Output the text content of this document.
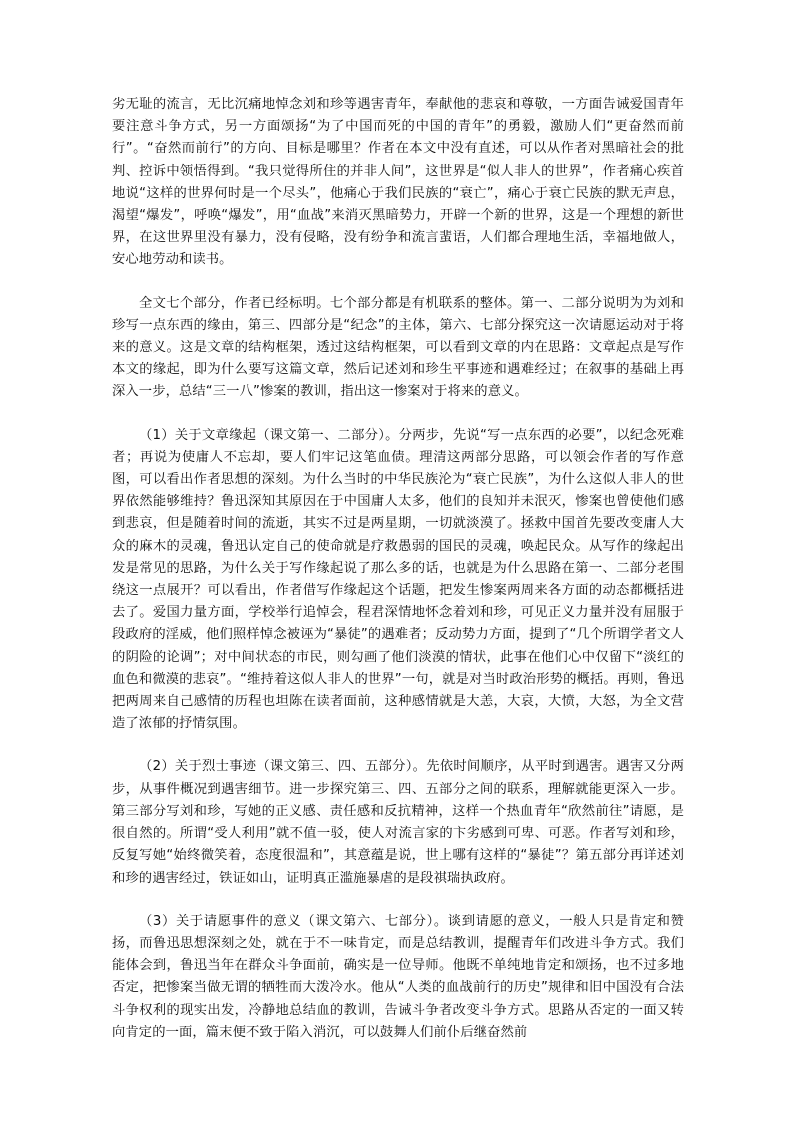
劣无耻的流言，无比沉痛地悼念刘和珍等遇害青年，奉献他的悲哀和尊敬，一方面告诫爱国青年要注意斗争方式，另一方面颂扬“为了中国而死的中国的青年”的勇毅，激励人们“更奋然而前行”。“奋然而前行”的方向、目标是哪里？作者在本文中没有直述，可以从作者对黑暗社会的批判、控诉中领悟得到。“我只觉得所住的并非人间”，这世界是“似人非人的世界”，作者痛心疾首地说“这样的世界何时是一个尽头”，他痛心于我们民族的“衰亡”，痛心于衰亡民族的默无声息，渴望“爆发”，呼唤“爆发”，用“血战”来消灭黑暗势力，开辟一个新的世界，这是一个理想的新世界，在这世界里没有暴力，没有侵略，没有纷争和流言蜚语，人们都合理地生活，幸福地做人，安心地劳动和读书。

全文七个部分，作者已经标明。七个部分都是有机联系的整体。第一、二部分说明为为刘和珍写一点东西的缘由，第三、四部分是“纪念”的主体，第六、七部分探究这一次请愿运动对于将来的意义。这是文章的结构框架，透过这结构框架，可以看到文章的内在思路：文章起点是写作本文的缘起，即为什么要写这篇文章，然后记述刘和珍生平事迹和遇难经过；在叙事的基础上再深入一步，总结“三一八”惨案的教训，指出这一惨案对于将来的意义。

（1）关于文章缘起（课文第一、二部分）。分两步，先说“写一点东西的必要”，以纪念死难者；再说为使庸人不忘却，要人们牢记这笔血债。理清这两部分思路，可以领会作者的写作意图，可以看出作者思想的深刻。为什么当时的中华民族沦为“衰亡民族”，为什么这似人非人的世界依然能够维持？鲁迅深知其原因在于中国庸人太多，他们的良知并未泯灭，惨案也曾使他们感到悲哀，但是随着时间的流逝，其实不过是两星期，一切就淡漠了。拯救中国首先要改变庸人大众的麻木的灵魂，鲁迅认定自己的使命就是疗救愚弱的国民的灵魂，唤起民众。从写作的缘起出发是常见的思路，为什么关于写作缘起说了那么多的话，也就是为什么思路在第一、二部分老围绕这一点展开？可以看出，作者借写作缘起这个话题，把发生惨案两周来各方面的动态都概括进去了。爱国力量方面，学校举行追悼会，程君深情地怀念着刘和珍，可见正义力量并没有屈服于段政府的淫威，他们照样悼念被诬为“暴徒”的遇难者；反动势力方面，提到了“几个所谓学者文人的阴险的论调”；对中间状态的市民，则勾画了他们淡漠的情状，此事在他们心中仅留下“淡红的血色和微漠的悲哀”。“维持着这似人非人的世界”一句，就是对当时政治形势的概括。再则，鲁迅把两周来自己感情的历程也坦陈在读者面前，这种感情就是大恙，大哀，大愤，大怒，为全文营造了浓郁的抒情氛围。

（2）关于烈士事迹（课文第三、四、五部分）。先依时间顺序，从平时到遇害。遇害又分两步，从事件概况到遇害细节。进一步探究第三、四、五部分之间的联系，理解就能更深入一步。第三部分写刘和珍，写她的正义感、责任感和反抗精神，这样一个热血青年“欣然前往”请愿，是很自然的。所谓“受人利用”就不值一驳，使人对流言家的卞劣感到可卑、可恶。作者写刘和珍，反复写她“始终微笑着，态度很温和”，其意蕴是说，世上哪有这样的“暴徒”？第五部分再详述刘和珍的遇害经过，铁证如山，证明真正滥施暴虐的是段祺瑞执政府。

（3）关于请愿事件的意义（课文第六、七部分）。谈到请愿的意义，一般人只是肯定和赞扬，而鲁迅思想深刻之处，就在于不一味肯定，而是总结教训，提醒青年们改进斗争方式。我们能体会到，鲁迅当年在群众斗争面前，确实是一位导师。他既不单纯地肯定和颂扬，也不过多地否定，把惨案当做无谓的牺牲而大泼冷水。他从“人类的血战前行的历史”规律和旧中国没有合法斗争权利的现实出发，冷静地总结血的教训，告诫斗争者改变斗争方式。思路从否定的一面又转向肯定的一面，篇末便不致于陷入消沉，可以鼓舞人们前仆后继奋然前
